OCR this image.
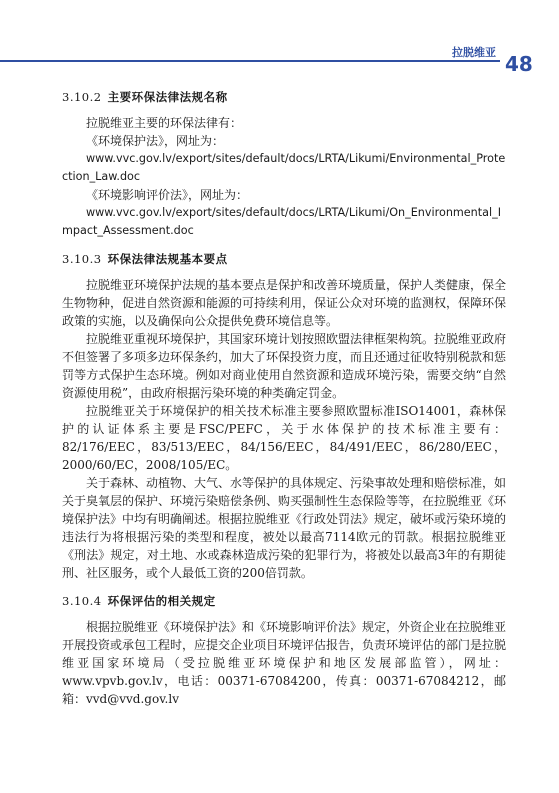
拉脱维亚 48
3.10.2 主要环保法律法规名称

拉脱维亚主要的环保法律有：

《环境保护法》，网址为：

www.vvc.gov.lv/export/sites/default/docs/LRTA/Likumi/Environmental_Protection_Law.doc

《环境影响评价法》，网址为：

www.vvc.gov.lv/export/sites/default/docs/LRTA/Likumi/On_Environmental_Impact_Assessment.doc

3.10.3 环保法律法规基本要点

拉脱维亚环境保护法规的基本要点是保护和改善环境质量，保护人类健康，保全生物物种，促进自然资源和能源的可持续利用，保证公众对环境的监测权，保障环保政策的实施，以及确保向公众提供免费环境信息等。

拉脱维亚重视环境保护，其国家环境计划按照欧盟法律框架构筑。拉脱维亚政府不但签署了多项多边环保条约，加大了环保投资力度，而且还通过征收特别税款和惩罚等方式保护生态环境。例如对商业使用自然资源和造成环境污染，需要交纳“自然资源使用税”，由政府根据污染环境的种类确定罚金。

拉脱维亚关于环境保护的相关技术标准主要参照欧盟标准ISO14001，森林保护的认证体系主要是FSC/PEFC，关于水体保护的技术标准主要有：82/176/EEC，83/513/EEC，84/156/EEC，84/491/EEC，86/280/EEC，2000/60/EC，2008/105/EC。

关于森林、动植物、大气、水等保护的具体规定、污染事故处理和赔偿标准，如关于臭氧层的保护、环境污染赔偿条例、购买强制性生态保险等等，在拉脱维亚《环境保护法》中均有明确阐述。根据拉脱维亚《行政处罚法》规定，破坏或污染环境的违法行为将根据污染的类型和程度，被处以最高7114欧元的罚款。根据拉脱维亚《刑法》规定，对土地、水或森林造成污染的犯罪行为，将被处以最高3年的有期徒刑、社区服务，或个人最低工资的200倍罚款。

3.10.4 环保评估的相关规定

根据拉脱维亚《环境保护法》和《环境影响评价法》规定，外资企业在拉脱维亚开展投资或承包工程时，应提交企业项目环境评估报告，负责环境评估的部门是拉脱维亚国家环境局（受拉脱维亚环境保护和地区发展部监管），网址：www.vpvb.gov.lv，电话：00371-67084200，传真：00371-67084212，邮箱：vvd@vvd.gov.lv
